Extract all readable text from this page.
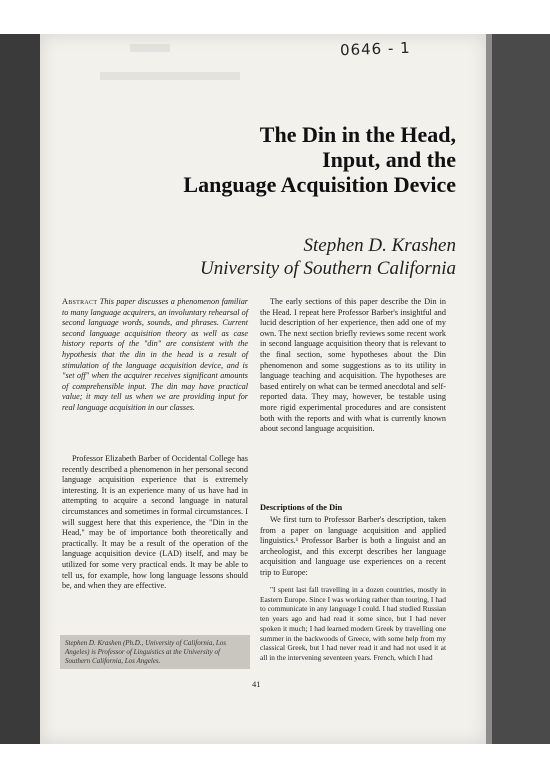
The Din in the Head,
Input, and the
Language Acquisition Device
Stephen D. Krashen
University of Southern California
Abstract This paper discusses a phenomenon familiar to many language acquirers, an involuntary rehearsal of second language words, sounds, and phrases. Current second language acquisition theory as well as case history reports of the "din" are consistent with the hypothesis that the din in the head is a result of stimulation of the language acquisition device, and is "set off" when the acquirer receives significant amounts of comprehensible input. The din may have practical value; it may tell us when we are providing input for real language acquisition in our classes.
Professor Elizabeth Barber of Occidental College has recently described a phenomenon in her personal second language acquisition experience that is extremely interesting. It is an experience many of us have had in attempting to acquire a second language in natural circumstances and sometimes in formal circumstances. I will suggest here that this experience, the "Din in the Head," may be of importance both theoretically and practically. It may be a result of the operation of the language acquisition device (LAD) itself, and may be utilized for some very practical ends. It may be able to tell us, for example, how long language lessons should be, and when they are effective.
The early sections of this paper describe the Din in the Head. I repeat here Professor Barber's insightful and lucid description of her experience, then add one of my own. The next section briefly reviews some recent work in second language acquisition theory that is relevant to the final section, some hypotheses about the Din phenomenon and some suggestions as to its utility in language teaching and acquisition. The hypotheses are based entirely on what can be termed anecdotal and self-reported data. They may, however, be testable using more rigid experimental procedures and are consistent both with the reports and with what is currently known about second language acquisition.
Descriptions of the Din
We first turn to Professor Barber's description, taken from a paper on language acquisition and applied linguistics.¹ Professor Barber is both a linguist and an archeologist, and this excerpt describes her language acquisition and language use experiences on a recent trip to Europe:
"I spent last fall travelling in a dozen countries, mostly in Eastern Europe. Since I was working rather than touring, I had to communicate in any language I could. I had studied Russian ten years ago and had read it some since, but I had never spoken it much; I had learned modern Greek by travelling one summer in the backwoods of Greece, with some help from my classical Greek, but I had never read it and had not used it at all in the intervening seventeen years. French, which I had
Stephen D. Krashen (Ph.D., University of California, Los Angeles) is Professor of Linguistics at the University of Southern California, Los Angeles.
41
0646 - 1
